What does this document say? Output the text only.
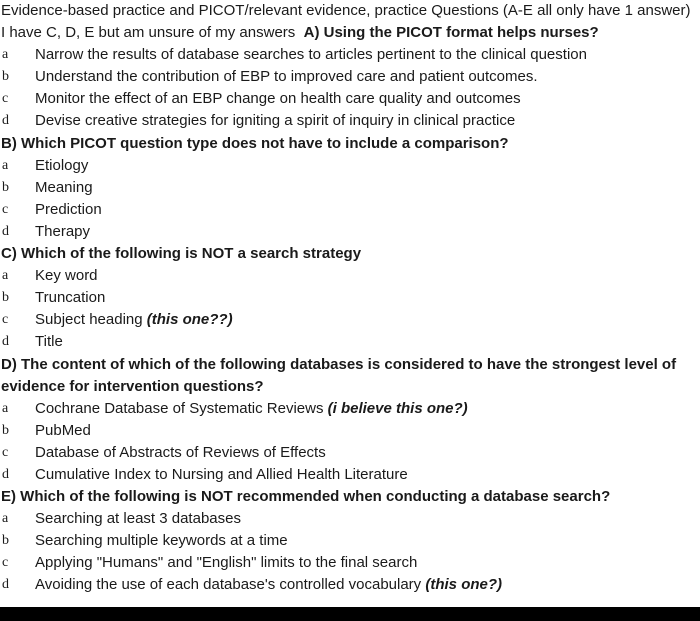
Evidence-based practice and PICOT/relevant evidence, practice Questions (A-E all only have 1 answer)
I have C, D, E but am unsure of my answers A) Using the PICOT format helps nurses?
a	Narrow the results of database searches to articles pertinent to the clinical question
b	Understand the contribution of EBP to improved care and patient outcomes.
c	Monitor the effect of an EBP change on health care quality and outcomes
d	Devise creative strategies for igniting a spirit of inquiry in clinical practice
B) Which PICOT question type does not have to include a comparison?
a	Etiology
b	Meaning
c	Prediction
d	Therapy
C) Which of the following is NOT a search strategy
a	Key word
b	Truncation
c	Subject heading
(this one??)
d	Title
D) The content of which of the following databases is considered to have the strongest level of evidence for intervention questions?
a	Cochrane Database of Systematic Reviews
(i believe this one?)
b	PubMed
c	Database of Abstracts of Reviews of Effects
d	Cumulative Index to Nursing and Allied Health Literature
E) Which of the following is NOT recommended when conducting a database search?
a	Searching at least 3 databases
b	Searching multiple keywords at a time
c	Applying "Humans" and "English" limits to the final search
d	Avoiding the use of each database's controlled vocabulary
(this one?)
